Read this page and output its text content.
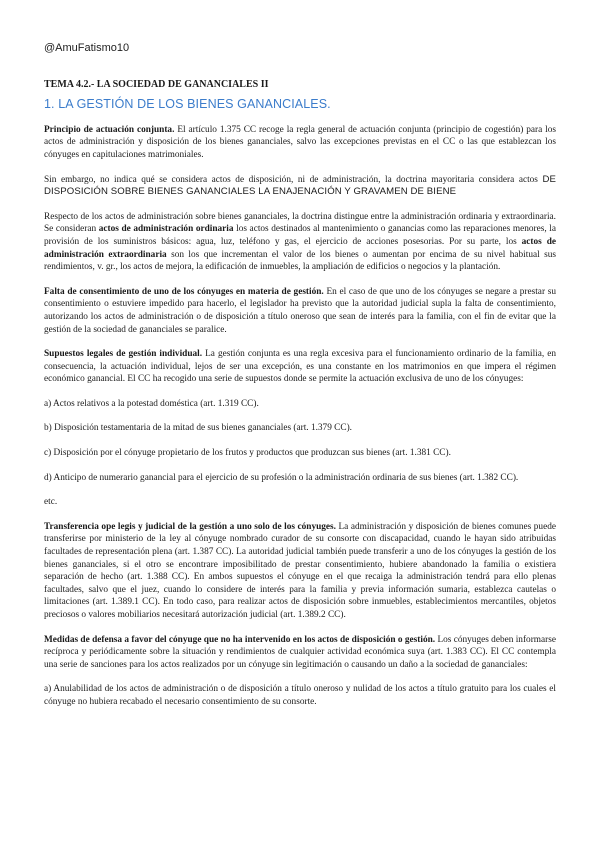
@AmuFatismo10
TEMA 4.2.- LA SOCIEDAD DE GANANCIALES II
1. LA GESTIÓN DE LOS BIENES GANANCIALES.

Principio de actuación conjunta. El artículo 1.375 CC recoge la regla general de actuación conjunta (principio de cogestión) para los actos de administración y disposición de los bienes gananciales, salvo las excepciones previstas en el CC o las que establezcan los cónyuges en capitulaciones matrimoniales.

Sin embargo, no indica qué se considera actos de disposición, ni de administración, la doctrina mayoritaria considera actos DE DISPOSICIÓN SOBRE BIENES GANANCIALES LA ENAJENACIÓN Y GRAVAMEN DE BIENE

Respecto de los actos de administración sobre bienes gananciales, la doctrina distingue entre la administración ordinaria y extraordinaria. Se consideran actos de administración ordinaria los actos destinados al mantenimiento o ganancias como las reparaciones menores, la provisión de los suministros básicos: agua, luz, teléfono y gas, el ejercicio de acciones posesorias. Por su parte, los actos de administración extraordinaria son los que incrementan el valor de los bienes o aumentan por encima de su nivel habitual sus rendimientos, v. gr., los actos de mejora, la edificación de inmuebles, la ampliación de edificios o negocios y la plantación.

Falta de consentimiento de uno de los cónyuges en materia de gestión. En el caso de que uno de los cónyuges se negare a prestar su consentimiento o estuviere impedido para hacerlo, el legislador ha previsto que la autoridad judicial supla la falta de consentimiento, autorizando los actos de administración o de disposición a título oneroso que sean de interés para la familia, con el fin de evitar que la gestión de la sociedad de gananciales se paralice.

Supuestos legales de gestión individual. La gestión conjunta es una regla excesiva para el funcionamiento ordinario de la familia, en consecuencia, la actuación individual, lejos de ser una excepción, es una constante en los matrimonios en que impera el régimen económico ganancial. El CC ha recogido una serie de supuestos donde se permite la actuación exclusiva de uno de los cónyuges:

a) Actos relativos a la potestad doméstica (art. 1.319 CC).
b) Disposición testamentaria de la mitad de sus bienes gananciales (art. 1.379 CC).
c) Disposición por el cónyuge propietario de los frutos y productos que produzcan sus bienes (art. 1.381 CC).
d) Anticipo de numerario ganancial para el ejercicio de su profesión o la administración ordinaria de sus bienes (art. 1.382 CC).
etc.

Transferencia ope legis y judicial de la gestión a uno solo de los cónyuges. La administración y disposición de bienes comunes puede transferirse por ministerio de la ley al cónyuge nombrado curador de su consorte con discapacidad, cuando le hayan sido atribuidas facultades de representación plena (art. 1.387 CC). La autoridad judicial también puede transferir a uno de los cónyuges la gestión de los bienes gananciales, si el otro se encontrare imposibilitado de prestar consentimiento, hubiere abandonado la familia o existiera separación de hecho (art. 1.388 CC). En ambos supuestos el cónyuge en el que recaiga la administración tendrá para ello plenas facultades, salvo que el juez, cuando lo considere de interés para la familia y previa información sumaria, establezca cautelas o limitaciones (art. 1.389.1 CC). En todo caso, para realizar actos de disposición sobre inmuebles, establecimientos mercantiles, objetos preciosos o valores mobiliarios necesitará autorización judicial (art. 1.389.2 CC).

Medidas de defensa a favor del cónyuge que no ha intervenido en los actos de disposición o gestión. Los cónyuges deben informarse recíproca y periódicamente sobre la situación y rendimientos de cualquier actividad económica suya (art. 1.383 CC). El CC contempla una serie de sanciones para los actos realizados por un cónyuge sin legitimación o causando un daño a la sociedad de gananciales:

a) Anulabilidad de los actos de administración o de disposición a título oneroso y nulidad de los actos a título gratuito para los cuales el cónyuge no hubiera recabado el necesario consentimiento de su consorte.
